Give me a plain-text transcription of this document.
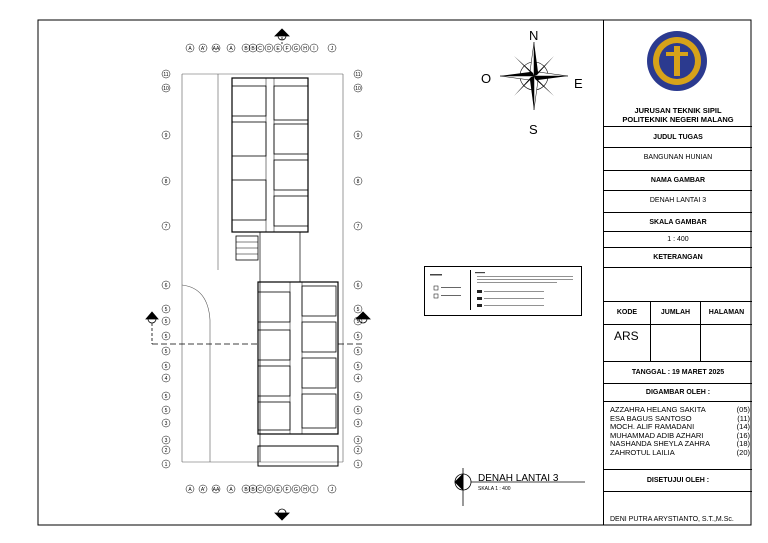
A A' AA A B B C D E F G H I	J
A A' AA A B B C D E F G H I	J
11
10
9
8
7
6
5
5
5
5
5
4
5
5
3
3
2
1
11
10
9
8
7
6
5
5
5
5
5
4
5
5
3
3
2
1
N
S
E
O
DENAH LANTAI 3
SKALA 1 : 400
JURUSAN TEKNIK SIPIL
POLITEKNIK NEGERI MALANG
JUDUL TUGAS
BANGUNAN HUNIAN
NAMA GAMBAR
DENAH LANTAI 3
SKALA GAMBAR
1 : 400
KETERANGAN
KODE	JUMLAH	HALAMAN
ARS
TANGGAL : 19 MARET 2025
DIGAMBAR OLEH :
AZZAHRA HELANG SAKITA	(05)
ESA BAGUS SANTOSO	(11)
MOCH. ALIF RAMADANI	(14)
MUHAMMAD ADIB AZHARI	(16)
NASHANDA SHEYLA ZAHRA	(18)
ZAHROTUL LAILIA	(20)
DISETUJUI OLEH :
DENI PUTRA ARYSTIANTO, S.T.,M.Sc.
